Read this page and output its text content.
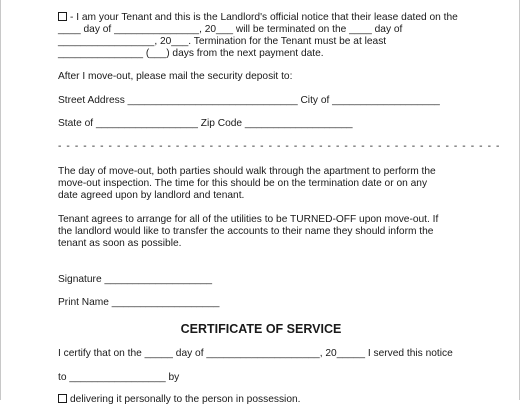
- I am your Tenant and this is the Landlord's official notice that their lease dated on the

____ day of _______________, 20___ will be terminated on the ____ day of

_________________, 20___. Termination for the Tenant must be at least

_______________ (___) days from the next payment date.

After I move-out, please mail the security deposit to:

Street Address ______________________________ City of ___________________

State of __________________ Zip Code ___________________

- - - - - - - - - - - - - - - - - - - - - - - - - - - - - - - - - - - - - - - - - - - - - - - - - - - - -

The day of move-out, both parties should walk through the apartment to perform the

move-out inspection. The time for this should be on the termination date or on any

date agreed upon by landlord and tenant.

Tenant agrees to arrange for all of the utilities to be TURNED-OFF upon move-out. If

the landlord would like to transfer the accounts to their name they should inform the

tenant as soon as possible.

Signature ___________________

Print Name ___________________

CERTIFICATE OF SERVICE

I certify that on the _____ day of ____________________, 20_____ I served this notice

to _________________ by

delivering it personally to the person in possession.
